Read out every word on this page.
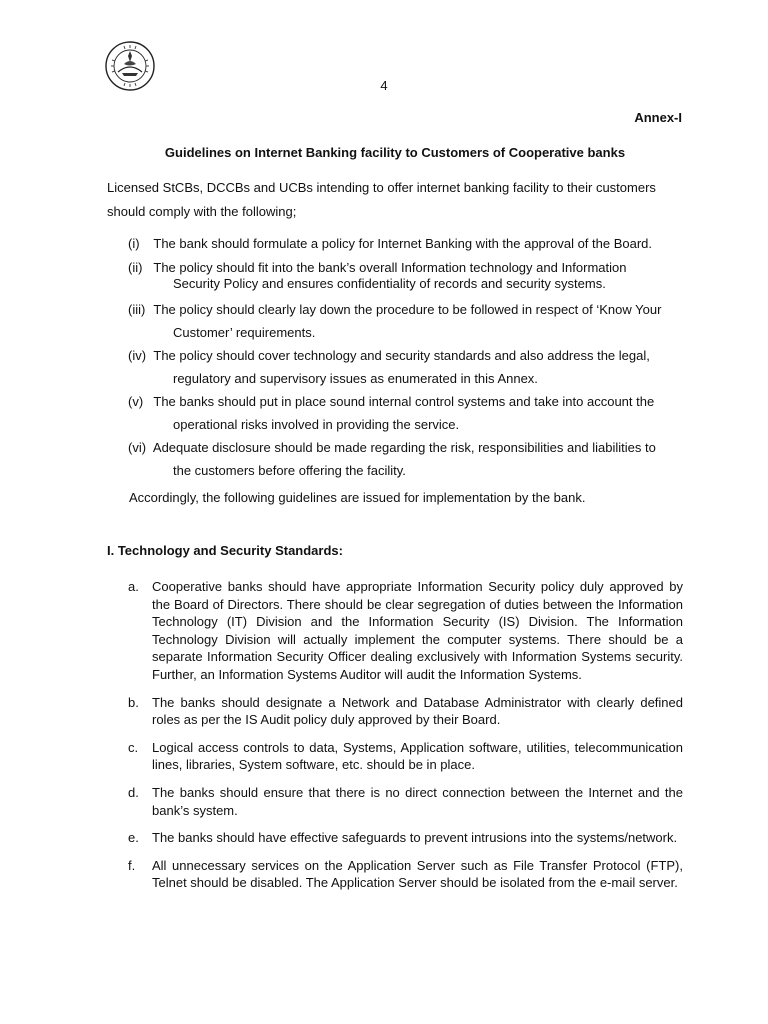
4
Annex-I
Guidelines on Internet Banking facility to Customers of Cooperative banks

Licensed StCBs, DCCBs and UCBs intending to offer internet banking facility to their customers should comply with the following;

(i) The bank should formulate a policy for Internet Banking with the approval of the Board.
(ii) The policy should fit into the bank’s overall Information technology and Information
Security Policy and ensures confidentiality of records and security systems.
(iii) The policy should clearly lay down the procedure to be followed in respect of ‘Know Your
Customer’ requirements.
(iv) The policy should cover technology and security standards and also address the legal,
regulatory and supervisory issues as enumerated in this Annex.
(v) The banks should put in place sound internal control systems and take into account the
operational risks involved in providing the service.
(vi) Adequate disclosure should be made regarding the risk, responsibilities and liabilities to
the customers before offering the facility.

Accordingly, the following guidelines are issued for implementation by the bank.

I. Technology and Security Standards:
a.	Cooperative banks should have appropriate Information Security policy duly approved by the Board of Directors. There should be clear segregation of duties between the Information Technology (IT) Division and the Information Security (IS) Division. The Information Technology Division will actually implement the computer systems. There should be a separate Information Security Officer dealing exclusively with Information Systems security. Further, an Information Systems Auditor will audit the Information Systems.
b.	The banks should designate a Network and Database Administrator with clearly defined roles as per the IS Audit policy duly approved by their Board.
c.	Logical access controls to data, Systems, Application software, utilities, telecommunication lines, libraries, System software, etc. should be in place.
d.	The banks should ensure that there is no direct connection between the Internet and the bank’s system.
e.	The banks should have effective safeguards to prevent intrusions into the systems/network.
f.	All unnecessary services on the Application Server such as File Transfer Protocol (FTP), Telnet should be disabled. The Application Server should be isolated from the e-mail server.
